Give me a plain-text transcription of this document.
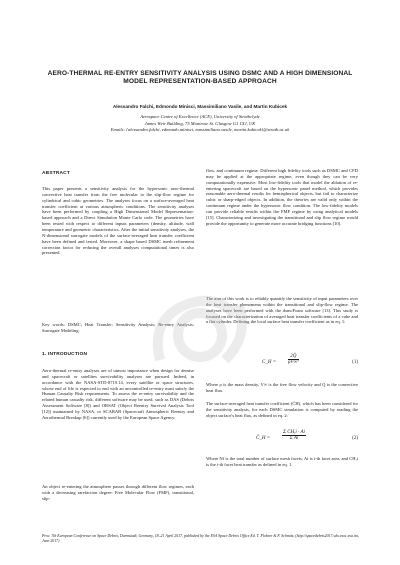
AERO-THERMAL RE-ENTRY SENSITIVITY ANALYSIS USING DSMC AND A HIGH DIMENSIONAL MODEL REPRESENTATION-BASED APPROACH
Alessandro Falchi, Edmondo Minisci, Massimiliano Vasile, and Martin Kubicek
Aerospace Centre of Excellence (ACE), University of Strathclyde
James Weir Building, 75 Montrose St. Glasgow G1 1XJ, UK
Emails: {alessandro.falchi, edmondo.minisci, massimiliano.vasile, martin.kubicek}@strath.ac.uk
ABSTRACT

This paper presents a sensitivity analysis for the hypersonic aero-thermal convective heat transfer from the free molecular to the slip-flow regime for cylindrical and cubic geometries. The analyses focus on a surface-averaged heat transfer coefficient at various atmospheric conditions. The sensitivity analyses have been performed by coupling a High Dimensional Model Representation-based approach and a Direct Simulation Monte Carlo code. The geometries have been tested with respect to different inputs parameters (density, altitude, wall temperature and geometric characteristics. After the initial sensitivity analyses, the N-dimensional surrogate models of the surface-averaged heat transfer coefficient have been defined and tested. Moreover, a shape based DSMC mesh refinement correction factor for reducing the overall analyses computational times is also presented.

Key words: DSMC; Heat Transfer; Sensitivity Analysis; Re-entry Analysis; Surrogate Modeling.

1. INTRODUCTION

Aero-thermal re-entry analyses are of utmost importance when design for demise and spacecraft or satellites survivability analyses are pursued. Indeed, in accordance with the NASA-STD-8719.14, every satellite or space structures, whose end of life is expected to end with an uncontrolled re-entry must satisfy the Human Casualty Risk requirements. To assess the re-entry survivability and the related human casualty risk, different software may be used, such as DAS (Debris Assessment Software [8]) and ORSAT (Object Reentry Survival Analysis Tool [12]) maintained by NASA, or SCARAB (Spacecraft Atmospheric Reentry and Aerothermal Breakup [6]) currently used by the European Space Agency.

An object re-entering the atmosphere passes through different flow regimes, each with a decreasing rarefaction degree: Free Molecular Flow (FMF), transitional, slip-

flow, and continuum regime. Different high fidelity tools such as DSMC and CFD may be applied at the appropriate regime, even though they can be very computationally expensive. Most low-fidelity tools that model the ablation of re-entering spacecraft are based on the hypersonic panel method, which provides reasonable aero-thermal results for hemispherical objects, but fail to characterize cubic or sharp-edged objects. In addition, the theories are valid only within the continuum regime under the hypersonic flow condition. The low-fidelity models can provide reliable results within the FMF regime by using analytical models [15]. Characterizing and investigating the transitional and slip flow regime would provide the opportunity to generate more accurate bridging functions [10].

The aim of this work is to reliably quantify the sensitivity of input parameters over the heat transfer phenomena within the transitional and slip-flow regime. The analyses have been performed with the dsmcFoam software [13]. This study is focused on the characterization of averaged heat transfer coefficients of a cube and a flat cylinder. Defining the local surface heat transfer coefficient as in eq. 1:

C_H = $\frac{2Q̇}{\text{ρV∞³}}$	(1)

Where ρ is the mass density, V∞ is the free flow velocity and Q̇ is the convective heat flux.

The surface-averaged heat transfer coefficient (C̄H), which has been considered for the sensitivity analysis, for each DSMC simulation is computed by reading the object surface's heat flux, as defined in eq. 2:

C̄_H = $\frac{\text{Σ CH,i · Ai}}{\text{Σ Ai}}$	(2)

Where Nf is the total number of surface mesh facets, Ai is i-th facet area, and CH,i is the i-th facet heat transfer as defined in eq. 1.

Proc. 7th European Conference on Space Debris, Darmstadt, Germany, 18–21 April 2017, published by the ESA Space Debris Office Ed. T. Flohrer & F. Schmitz, (http://spacedebris2017.sdo.esoc.esa.int, June 2017)
